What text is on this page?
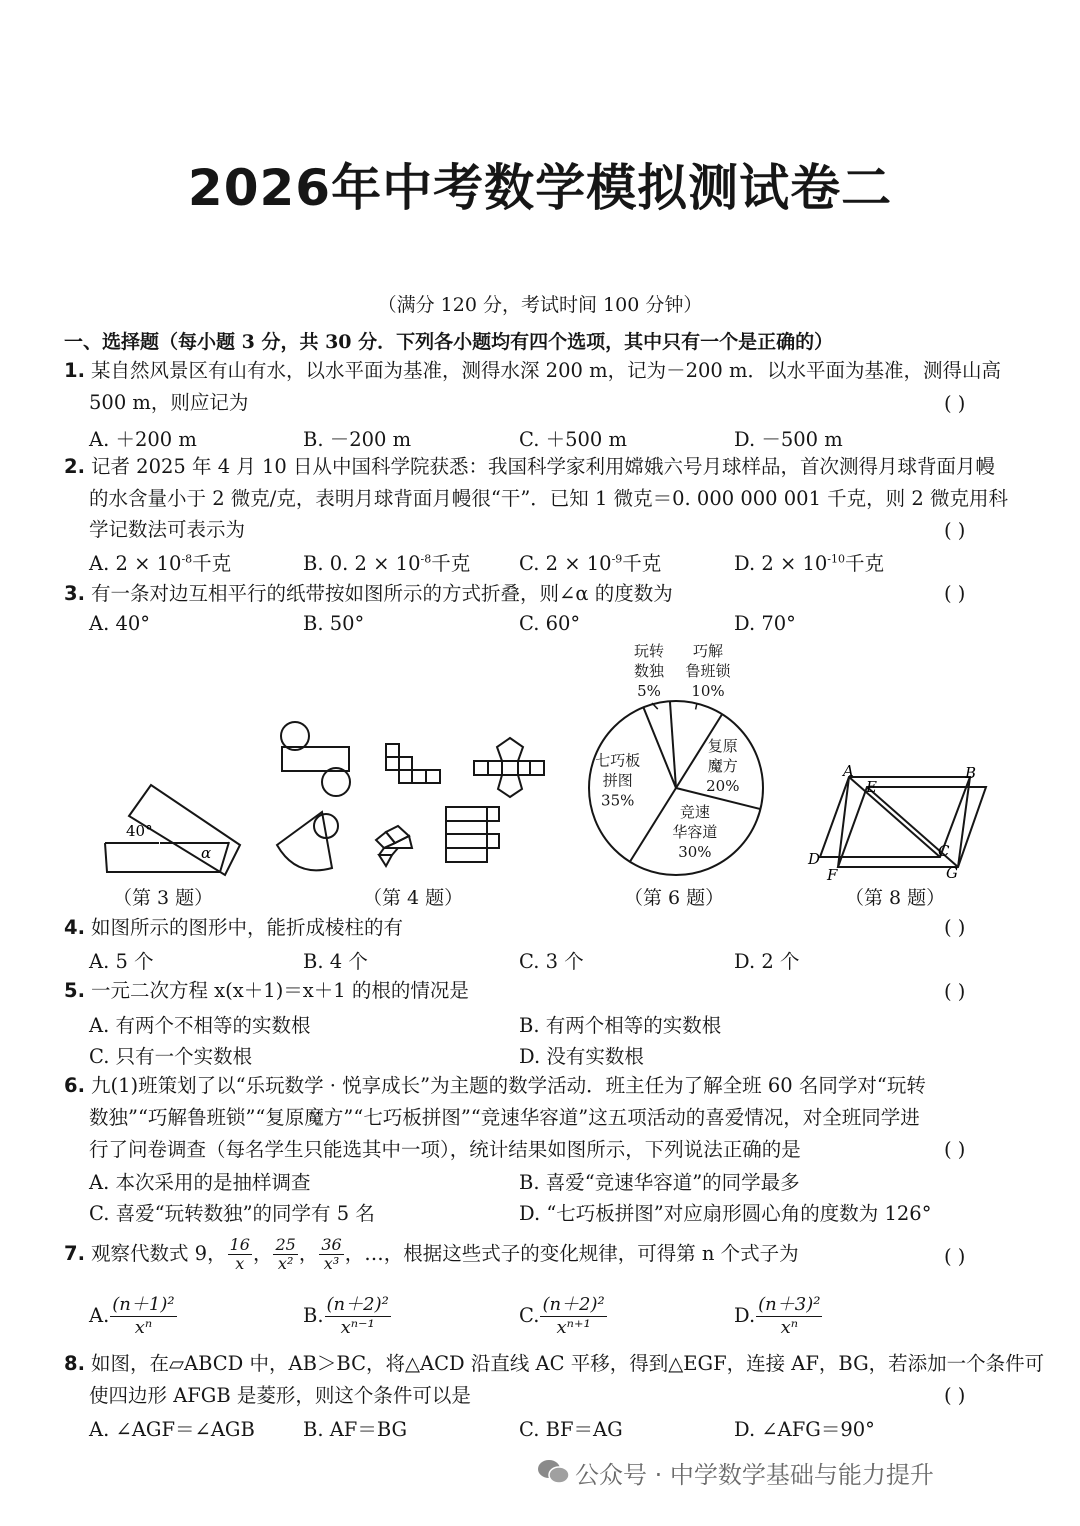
2026年中考数学模拟测试卷二
（满分 120 分，考试时间 100 分钟）
一、选择题（每小题 3 分，共 30 分．下列各小题均有四个选项，其中只有一个是正确的）
1. 某自然风景区有山有水，以水平面为基准，测得水深 200 m，记为－200 m．以水平面为基准，测得山高
500 m，则应记为	( )
A. ＋200 m	B. －200 m	C. ＋500 m	D. －500 m
2. 记者 2025 年 4 月 10 日从中国科学院获悉：我国科学家利用嫦娥六号月球样品，首次测得月球背面月幔
的水含量小于 2 微克/克，表明月球背面月幔很“干”．已知 1 微克＝0. 000 000 001 千克，则 2 微克用科
学记数法可表示为	( )
A. $2 \times 10^{-8}$千克	B. 0. $2 \times 10^{-8}$千克	C. $2 \times 10^{-9}$千克	D. $2 \times 10^{-10}$千克
3. 有一条对边互相平行的纸带按如图所示的方式折叠，则∠α 的度数为	( )
A. 40°	B. 50°	C. 60°	D. 70°
40°
α
A
E
B
D	C
F	G
玩转
数独
5%
巧解
鲁班锁
10%
复原
魔方
20%
竞速
华容道
30%
七巧板
拼图
35%
（第 3 题）	（第 4 题）	（第 6 题）	（第 8 题）
4. 如图所示的图形中，能折成棱柱的有	( )
A. 5 个	B. 4 个	C. 3 个	D. 2 个
5. 一元二次方程 x(x＋1)＝x＋1 的根的情况是	( )
A. 有两个不相等的实数根	B. 有两个相等的实数根
C. 只有一个实数根	D. 没有实数根
6. 九(1)班策划了以“乐玩数学 · 悦享成长”为主题的数学活动．班主任为了解全班 60 名同学对“玩转
数独”“巧解鲁班锁”“复原魔方”“七巧板拼图”“竞速华容道”这五项活动的喜爱情况，对全班同学进
行了问卷调查（每名学生只能选其中一项），统计结果如图所示，下列说法正确的是	( )
A. 本次采用的是抽样调查	B. 喜爱“竞速华容道”的同学最多
C. 喜爱“玩转数独”的同学有 5 名	D. “七巧板拼图”对应扇形圆心角的度数为 126°
7. 观察代数式 9， $\frac{16}{x}$ ， $\frac{25}{\text{x²}}$ ， $\frac{36}{\text{x³}}$ ，…，根据这些式子的变化规律，可得第 n 个式子为	( )
A. $\frac{\text{(n＋1)²}}{\text{xⁿ}}$	B. $\frac{\text{(n＋2)²}}{\text{xⁿ⁻¹}}$	C. $\frac{\text{(n＋2)²}}{\text{xⁿ⁺¹}}$	D. $\frac{\text{(n＋3)²}}{\text{xⁿ}}$
8. 如图，在▱ABCD 中，AB＞BC，将△ACD 沿直线 AC 平移，得到△EGF，连接 AF，BG，若添加一个条件可
使四边形 AFGB 是菱形，则这个条件可以是	( )
A. ∠AGF＝∠AGB B. AF＝BG	C. BF＝AG	D. ∠AFG＝90°
公众号 · 中学数学基础与能力提升
